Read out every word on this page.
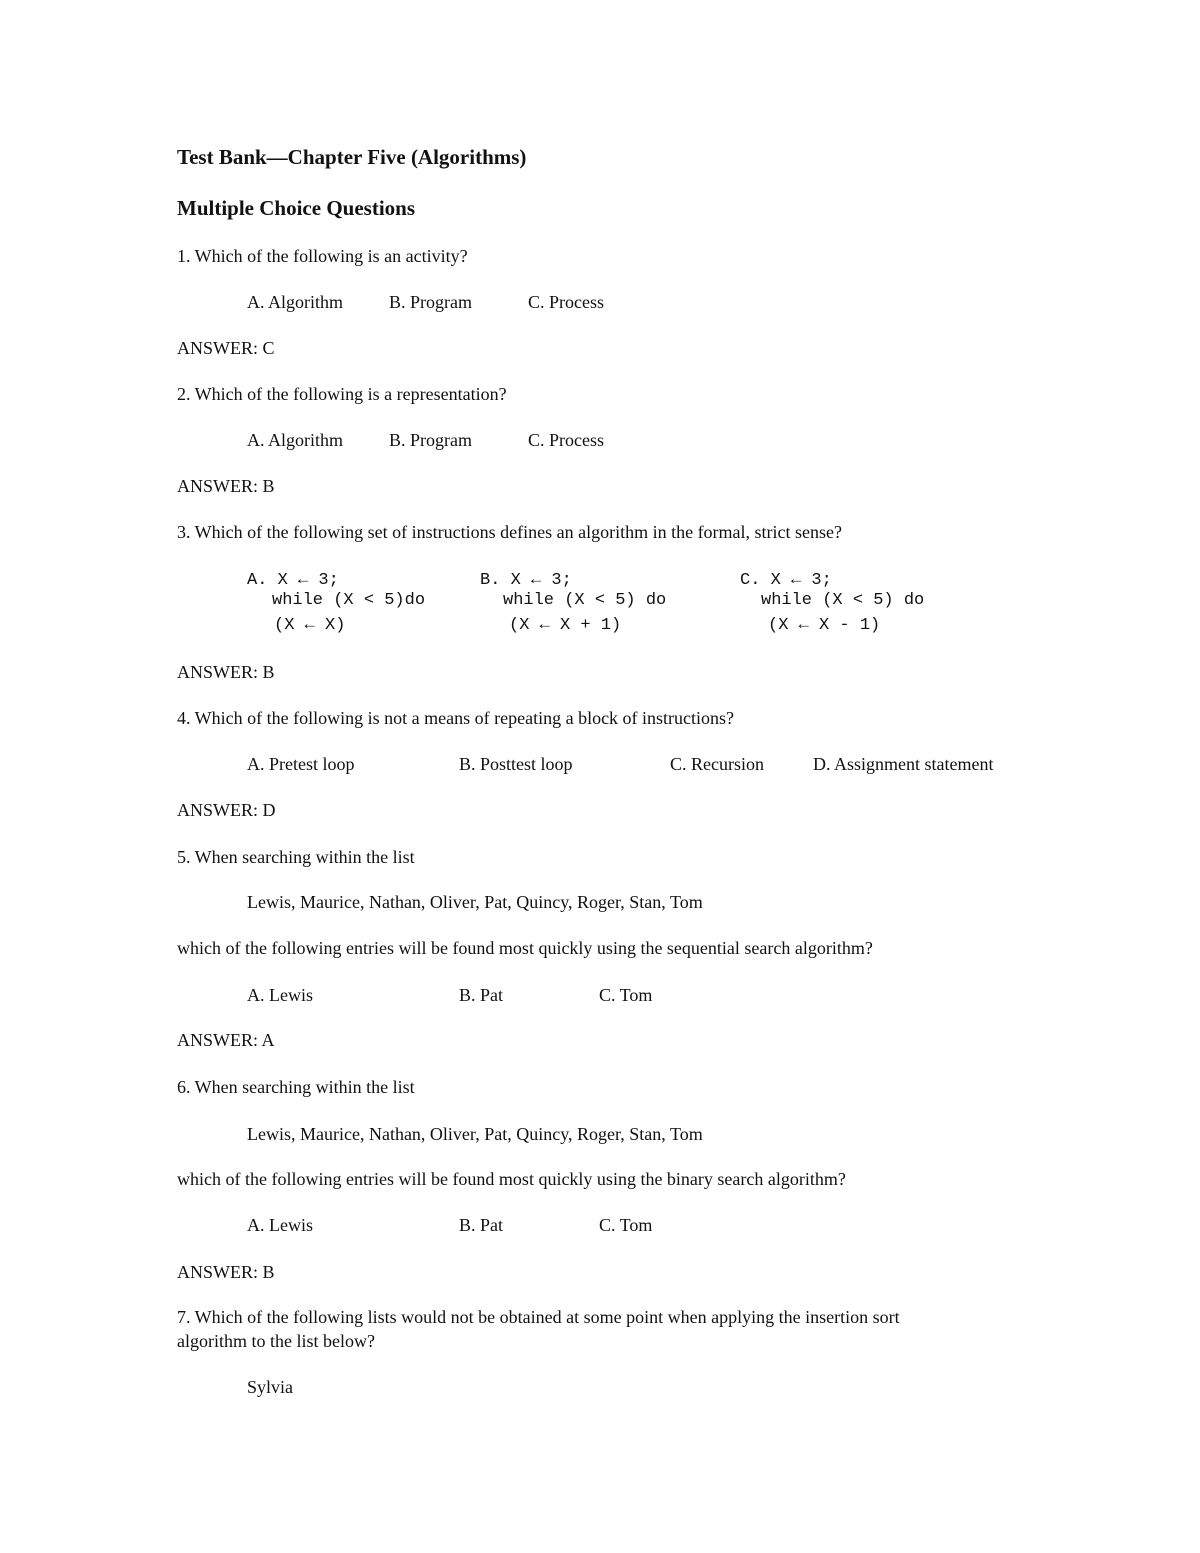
Test Bank—Chapter Five (Algorithms)
Multiple Choice Questions
1. Which of the following is an activity?
A. Algorithm	B. Program	C. Process
ANSWER: C
2. Which of the following is a representation?
A. Algorithm	B. Program	C. Process
ANSWER: B
3. Which of the following set of instructions defines an algorithm in the formal, strict sense?
A. X ← 3;
while (X < 5)do
(X ← X)
B. X ← 3;
while (X < 5) do
(X ← X + 1)
C. X ← 3;
while (X < 5) do
(X ← X - 1)
ANSWER: B
4. Which of the following is not a means of repeating a block of instructions?
A. Pretest loop	B. Posttest loop	C. Recursion	D. Assignment statement
ANSWER: D
5. When searching within the list
Lewis, Maurice, Nathan, Oliver, Pat, Quincy, Roger, Stan, Tom
which of the following entries will be found most quickly using the sequential search algorithm?
A. Lewis	B. Pat	C. Tom
ANSWER: A
6. When searching within the list
Lewis, Maurice, Nathan, Oliver, Pat, Quincy, Roger, Stan, Tom
which of the following entries will be found most quickly using the binary search algorithm?
A. Lewis	B. Pat	C. Tom
ANSWER: B
7. Which of the following lists would not be obtained at some point when applying the insertion sort
algorithm to the list below?
Sylvia
